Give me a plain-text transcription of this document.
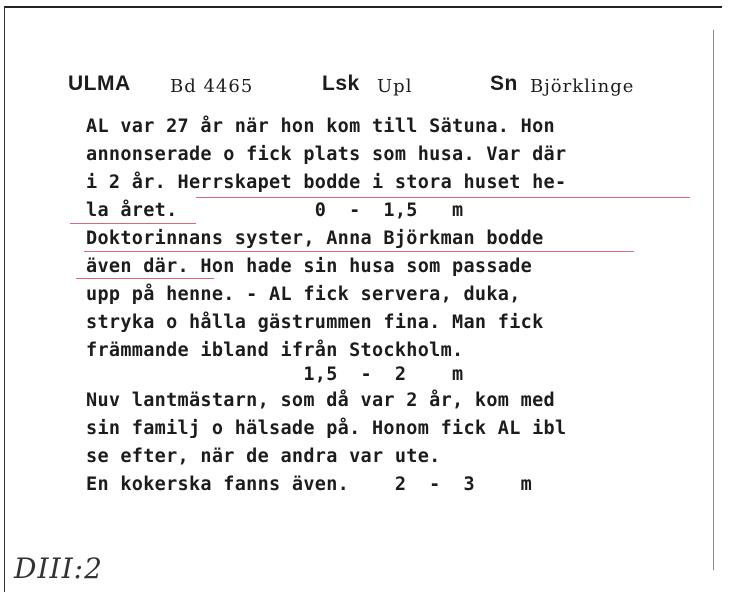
ULMA Bd 4465	Lsk Upl	Sn Björklinge
AL var 27 år när hon kom till Sätuna. Hon
annonserade o fick plats som husa. Var där
i 2 år. Herrskapet bodde i stora huset he-
la året.            0  -  1,5   m
Doktorinnans syster, Anna Björkman bodde
även där. Hon hade sin husa som passade
upp på henne. - AL fick servera, duka,
stryka o hålla gästrummen fina. Man fick
främmande ibland ifrån Stockholm.
1,5  -  2    m
Nuv lantmästarn, som då var 2 år, kom med
sin familj o hälsade på. Honom fick AL ibl
se efter, när de andra var ute.
En kokerska fanns även.    2  -  3    m
DIII:2
